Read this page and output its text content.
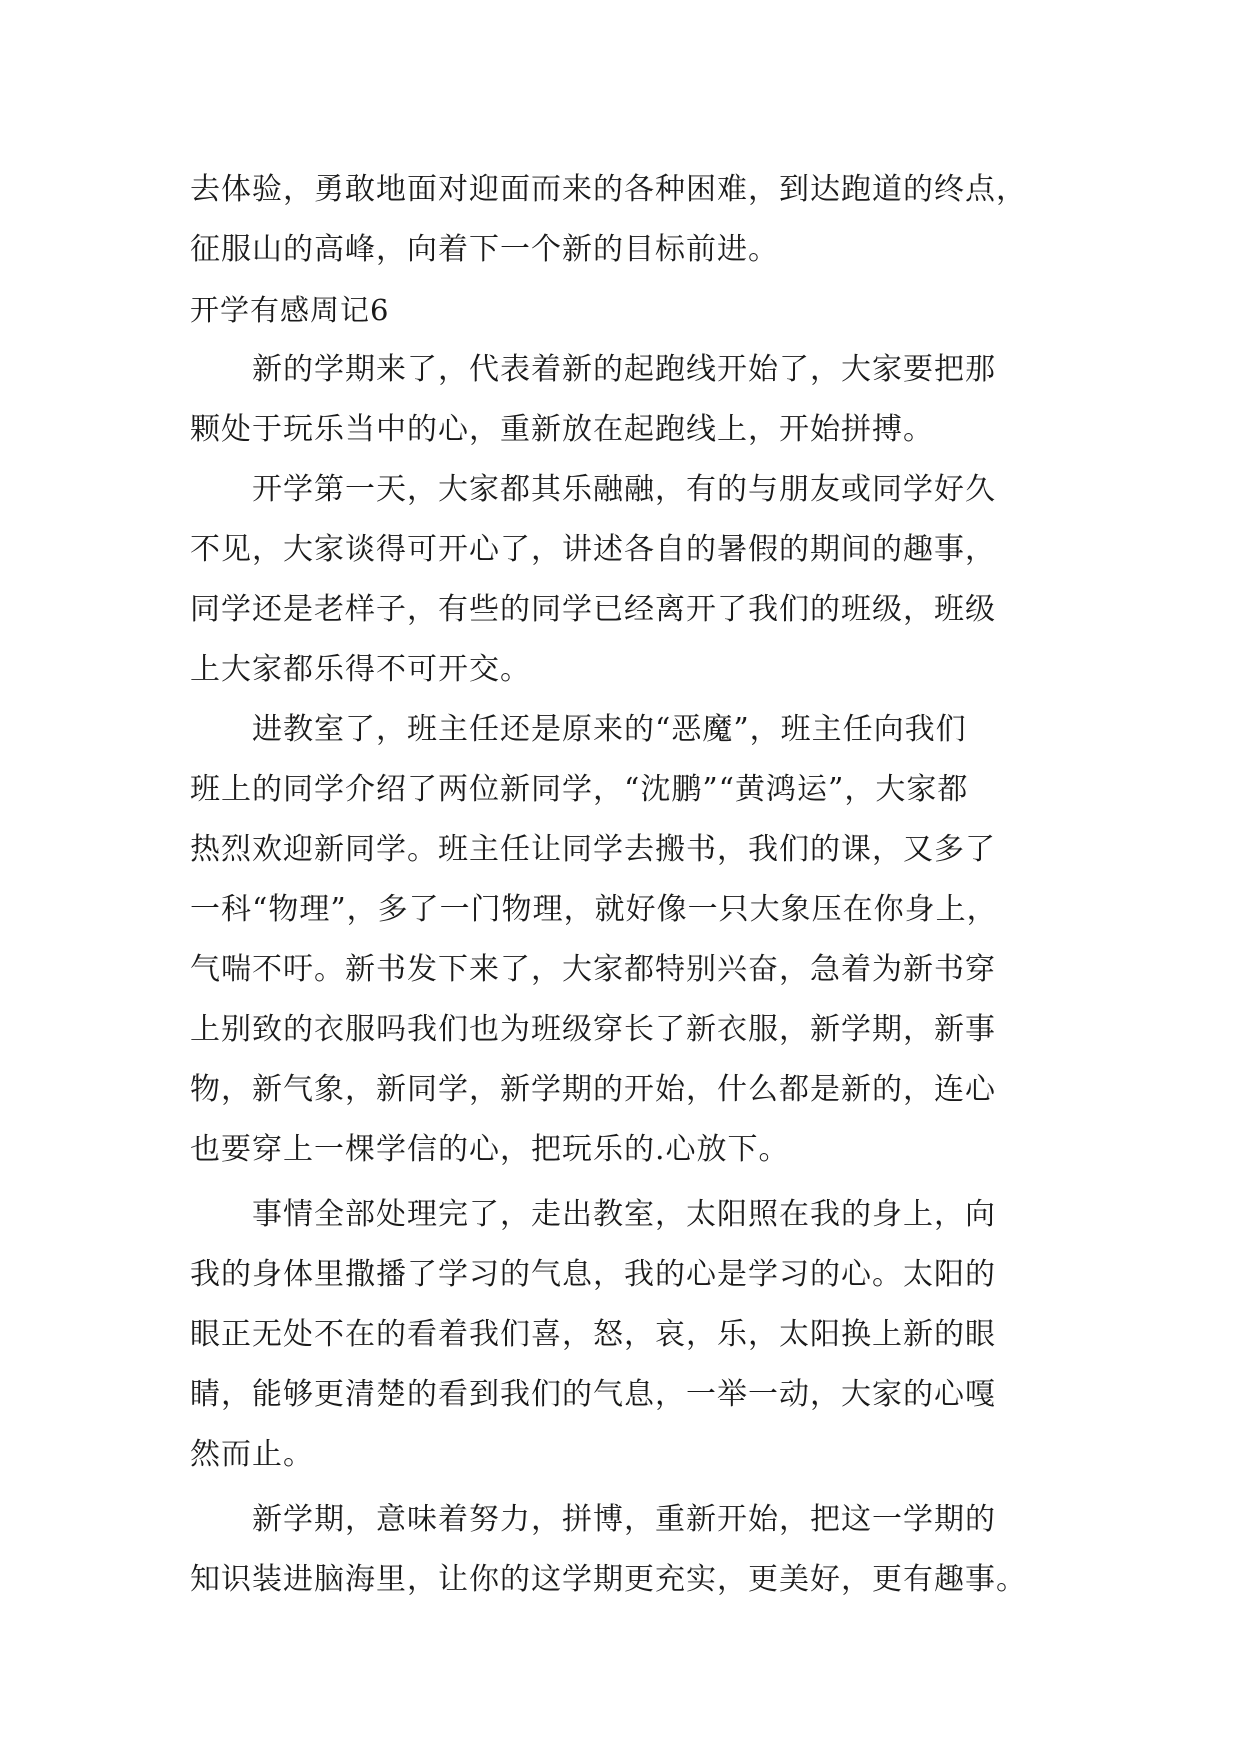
去体验，勇敢地面对迎面而来的各种困难，到达跑道的终点，
征服山的高峰，向着下一个新的目标前进。
开学有感周记6
新的学期来了，代表着新的起跑线开始了，大家要把那
颗处于玩乐当中的心，重新放在起跑线上，开始拼搏。
开学第一天，大家都其乐融融，有的与朋友或同学好久
不见，大家谈得可开心了，讲述各自的暑假的期间的趣事，
同学还是老样子，有些的同学已经离开了我们的班级，班级
上大家都乐得不可开交。
进教室了，班主任还是原来的“恶魔”，班主任向我们
班上的同学介绍了两位新同学，“沈鹏”“黄鸿运”，大家都
热烈欢迎新同学。班主任让同学去搬书，我们的课，又多了
一科“物理”，多了一门物理，就好像一只大象压在你身上，
气喘不吁。新书发下来了，大家都特别兴奋，急着为新书穿
上别致的衣服吗我们也为班级穿长了新衣服，新学期，新事
物，新气象，新同学，新学期的开始，什么都是新的，连心
也要穿上一棵学信的心，把玩乐的.心放下。
事情全部处理完了，走出教室，太阳照在我的身上，向
我的身体里撒播了学习的气息，我的心是学习的心。太阳的
眼正无处不在的看着我们喜，怒，哀，乐，太阳换上新的眼
睛，能够更清楚的看到我们的气息，一举一动，大家的心嘎
然而止。
新学期，意味着努力，拼博，重新开始，把这一学期的
知识装进脑海里，让你的这学期更充实，更美好，更有趣事。
